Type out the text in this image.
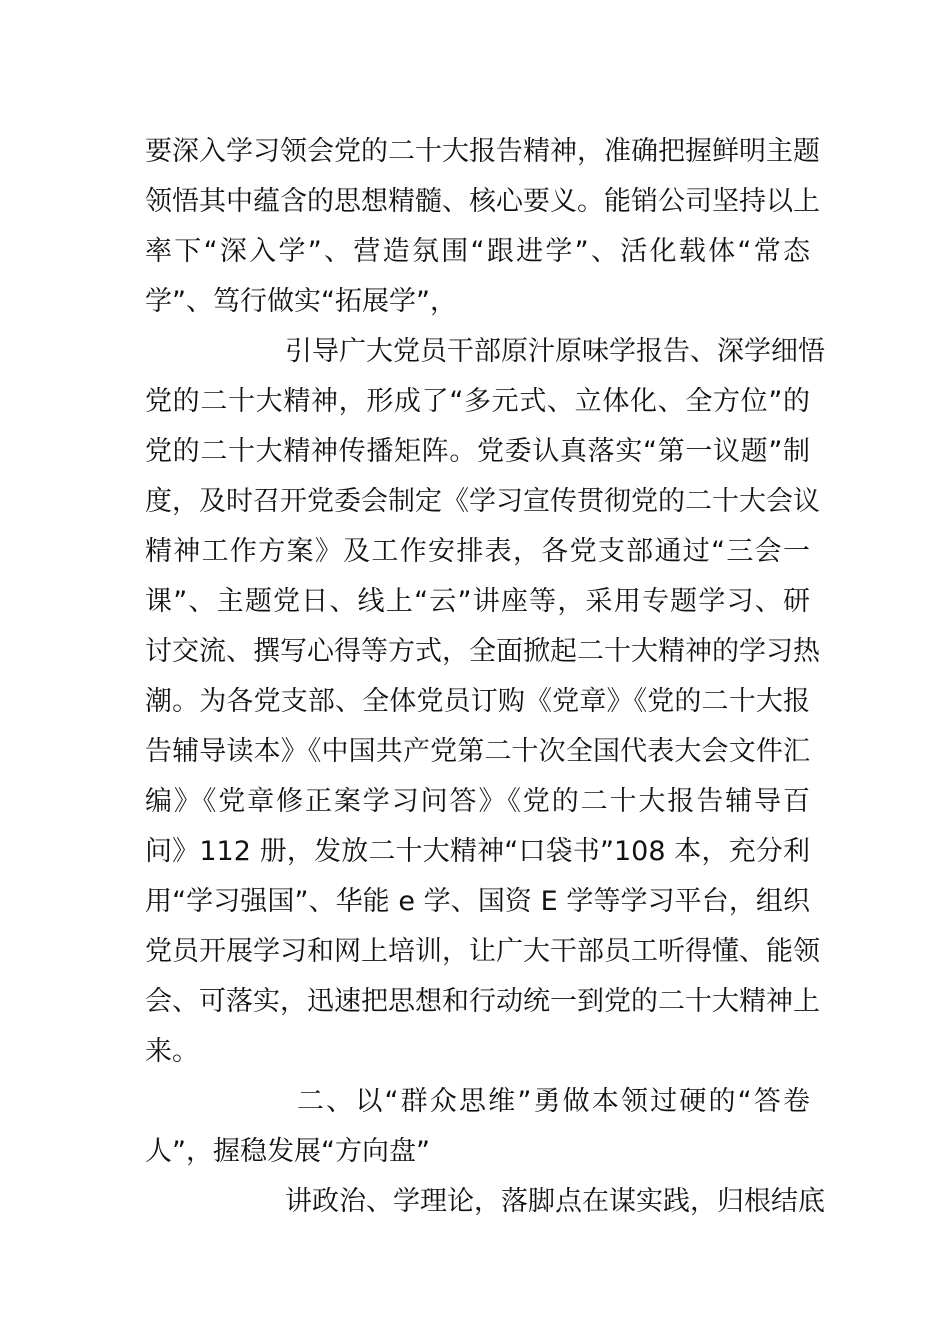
要深入学习领会党的二十大报告精神，准确把握鲜明主题

领悟其中蕴含的思想精髓、核心要义。能销公司坚持以上

率下“深入学”、营造氛围“跟进学”、活化载体“常态

学”、笃行做实“拓展学”，

引导广大党员干部原汁原味学报告、深学细悟

党的二十大精神，形成了“多元式、立体化、全方位”的

党的二十大精神传播矩阵。党委认真落实“第一议题”制

度，及时召开党委会制定《学习宣传贯彻党的二十大会议

精神工作方案》及工作安排表，各党支部通过“三会一

课”、主题党日、线上“云”讲座等，采用专题学习、研

讨交流、撰写心得等方式，全面掀起二十大精神的学习热

潮。为各党支部、全体党员订购《党章》《党的二十大报

告辅导读本》《中国共产党第二十次全国代表大会文件汇

编》《党章修正案学习问答》《党的二十大报告辅导百

问》112 册，发放二十大精神“口袋书”108 本，充分利

用“学习强国”、华能 e 学、国资 E 学等学习平台，组织

党员开展学习和网上培训，让广大干部员工听得懂、能领

会、可落实，迅速把思想和行动统一到党的二十大精神上

来。

二、以“群众思维”勇做本领过硬的“答卷

人”，握稳发展“方向盘”

讲政治、学理论，落脚点在谋实践，归根结底
